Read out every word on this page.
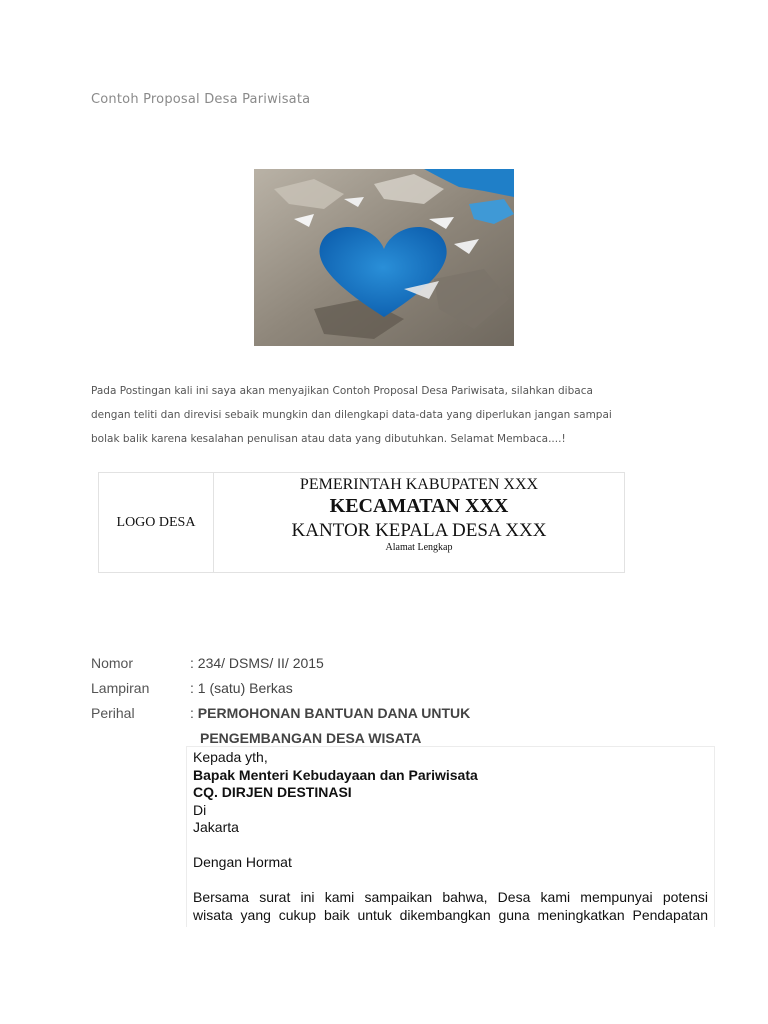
Contoh Proposal Desa Pariwisata

Pada Postingan kali ini saya akan menyajikan Contoh Proposal Desa Pariwisata, silahkan dibaca

dengan teliti dan direvisi sebaik mungkin dan dilengkapi data-data yang diperlukan jangan sampai

bolak balik karena kesalahan penulisan atau data yang dibutuhkan. Selamat Membaca....!

LOGO DESA
PEMERINTAH KABUPATEN XXX
KECAMATAN XXX
KANTOR KEPALA DESA XXX
Alamat Lengkap
Nomor	: 234/ DSMS/ II/ 2015
Lampiran	: 1 (satu) Berkas
Perihal	: PERMOHONAN BANTUAN DANA UNTUK
PENGEMBANGAN DESA WISATA

Kepada yth,

Bapak Menteri Kebudayaan dan Pariwisata

CQ. DIRJEN DESTINASI

Di

Jakarta

Dengan Hormat

Bersama surat ini kami sampaikan bahwa, Desa kami mempunyai potensi

wisata yang cukup baik untuk dikembangkan guna meningkatkan Pendapatan
